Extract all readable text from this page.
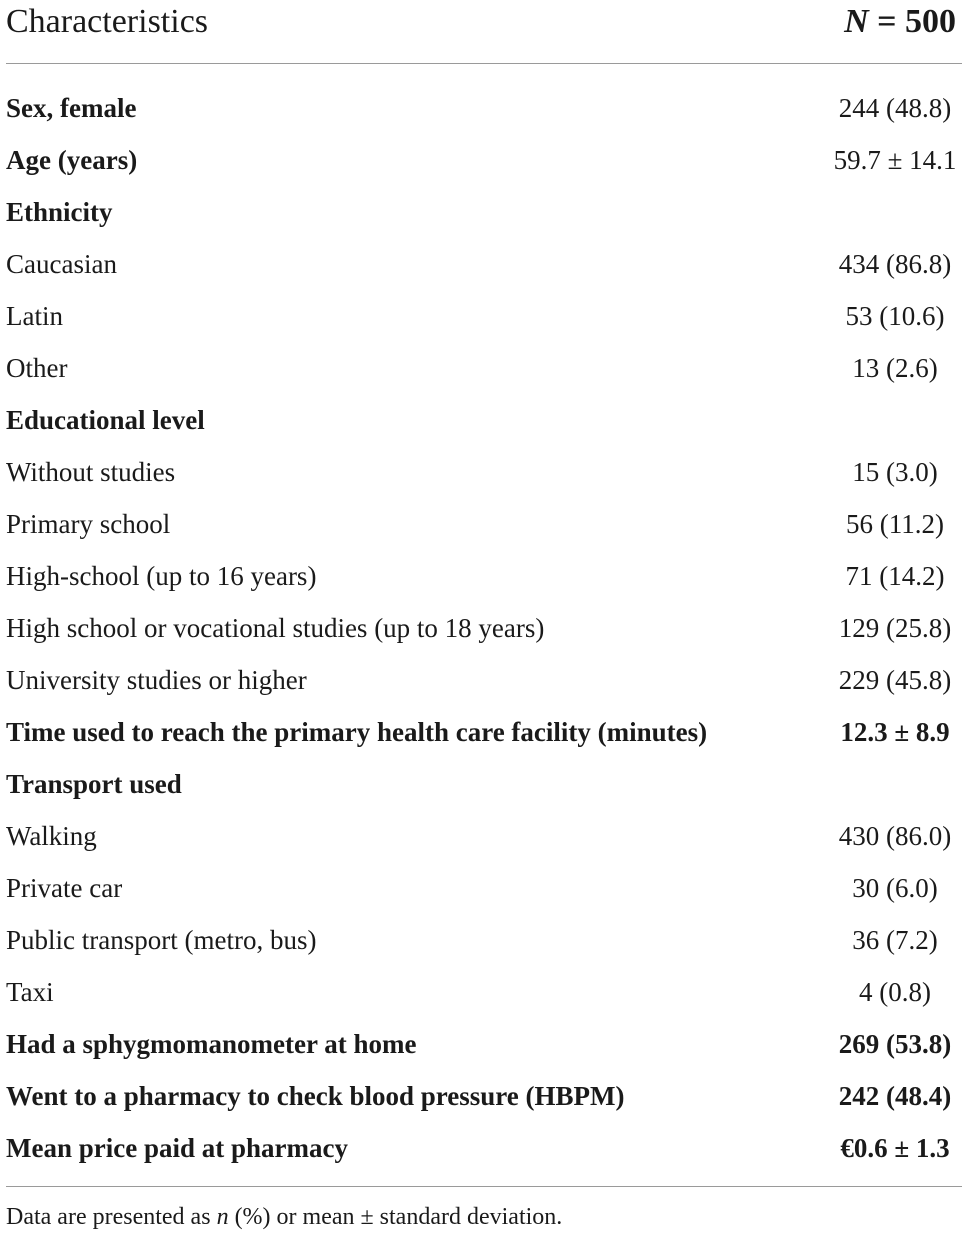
Characteristics	N = 500
Sex, female	244 (48.8)
Age (years)	59.7 ± 14.1
Ethnicity
Caucasian	434 (86.8)
Latin	53 (10.6)
Other	13 (2.6)
Educational level
Without studies	15 (3.0)
Primary school	56 (11.2)
High-school (up to 16 years)	71 (14.2)
High school or vocational studies (up to 18 years)	129 (25.8)
University studies or higher	229 (45.8)
Time used to reach the primary health care facility (minutes)	12.3 ± 8.9
Transport used
Walking	430 (86.0)
Private car	30 (6.0)
Public transport (metro, bus)	36 (7.2)
Taxi	4 (0.8)
Had a sphygmomanometer at home	269 (53.8)
Went to a pharmacy to check blood pressure (HBPM)	242 (48.4)
Mean price paid at pharmacy	€0.6 ± 1.3
Data are presented as n (%) or mean ± standard deviation.
